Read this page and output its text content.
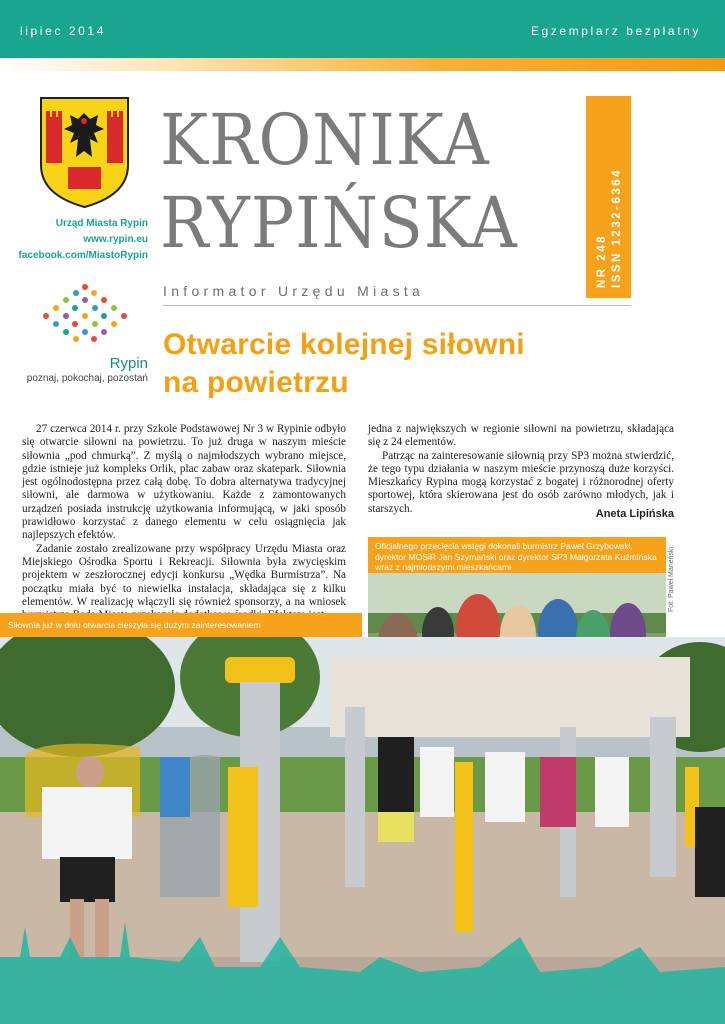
lipiec 2014	Egzemplarz bezpłatny
Urząd Miasta Rypin
www.rypin.eu
facebook.com/MiastoRypin
Rypin
poznaj, pokochaj, pozostań
KRONIKA
RYPIŃSKA	NR 248 ISSN 1232-6364
Informator Urzędu Miasta
Otwarcie kolejnej siłowni
na powietrzu

27 czerwca 2014 r. przy Szkole Podstawowej Nr 3 w Rypinie odbyło się otwarcie siłowni na powietrzu. To już druga w naszym mieście siłownia „pod chmurką”. Z myślą o najmłodszych wybrano miejsce, gdzie istnieje już kompleks Orlik, plac zabaw oraz skatepark. Siłownia jest ogólnodostępna przez całą dobę. To dobra alternatywa tradycyjnej siłowni, ale darmowa w użytkowaniu. Każde z zamontowanych urządzeń posiada instrukcję użytkowania informującą, w jaki sposób prawidłowo korzystać z danego elementu w celu osiągnięcia jak najlepszych efektów.

Zadanie zostało zrealizowane przy współpracy Urzędu Miasta oraz Miejskiego Ośrodka Sportu i Rekreacji. Siłownia była zwycięskim projektem w zeszłorocznej edycji konkursu „Wędka Burmistrza”. Na początku miała być to niewielka instalacja, składająca się z kilku elementów. W realizację włączyli się również sponsorzy, a na wniosek

jedna z największych w regionie siłowni na powietrzu, składająca się z 24 elementów.

Patrząc na zainteresowanie siłownią przy SP3 można stwierdzić, że tego typu działania w naszym mieście przynoszą duże korzyści. Mieszkańcy Rypina mogą korzystać z bogatej i różnorodnej oferty sportowej, która skierowana jest do osób zarówno młodych, jak i starszych.	Aneta Lipińska
Oficjalnego przecięcia wstęgi dokonali burmistrz Paweł Grzybowski, dyrektor MOSiR Jan Szymański oraz dyrektor SP3 Małgorzata Kuźmińska wraz z najmłodszymi mieszkańcami	Fot. Paweł Maneński
Siłownia już w dniu otwarcia cieszyła się dużym zainteresowaniem
